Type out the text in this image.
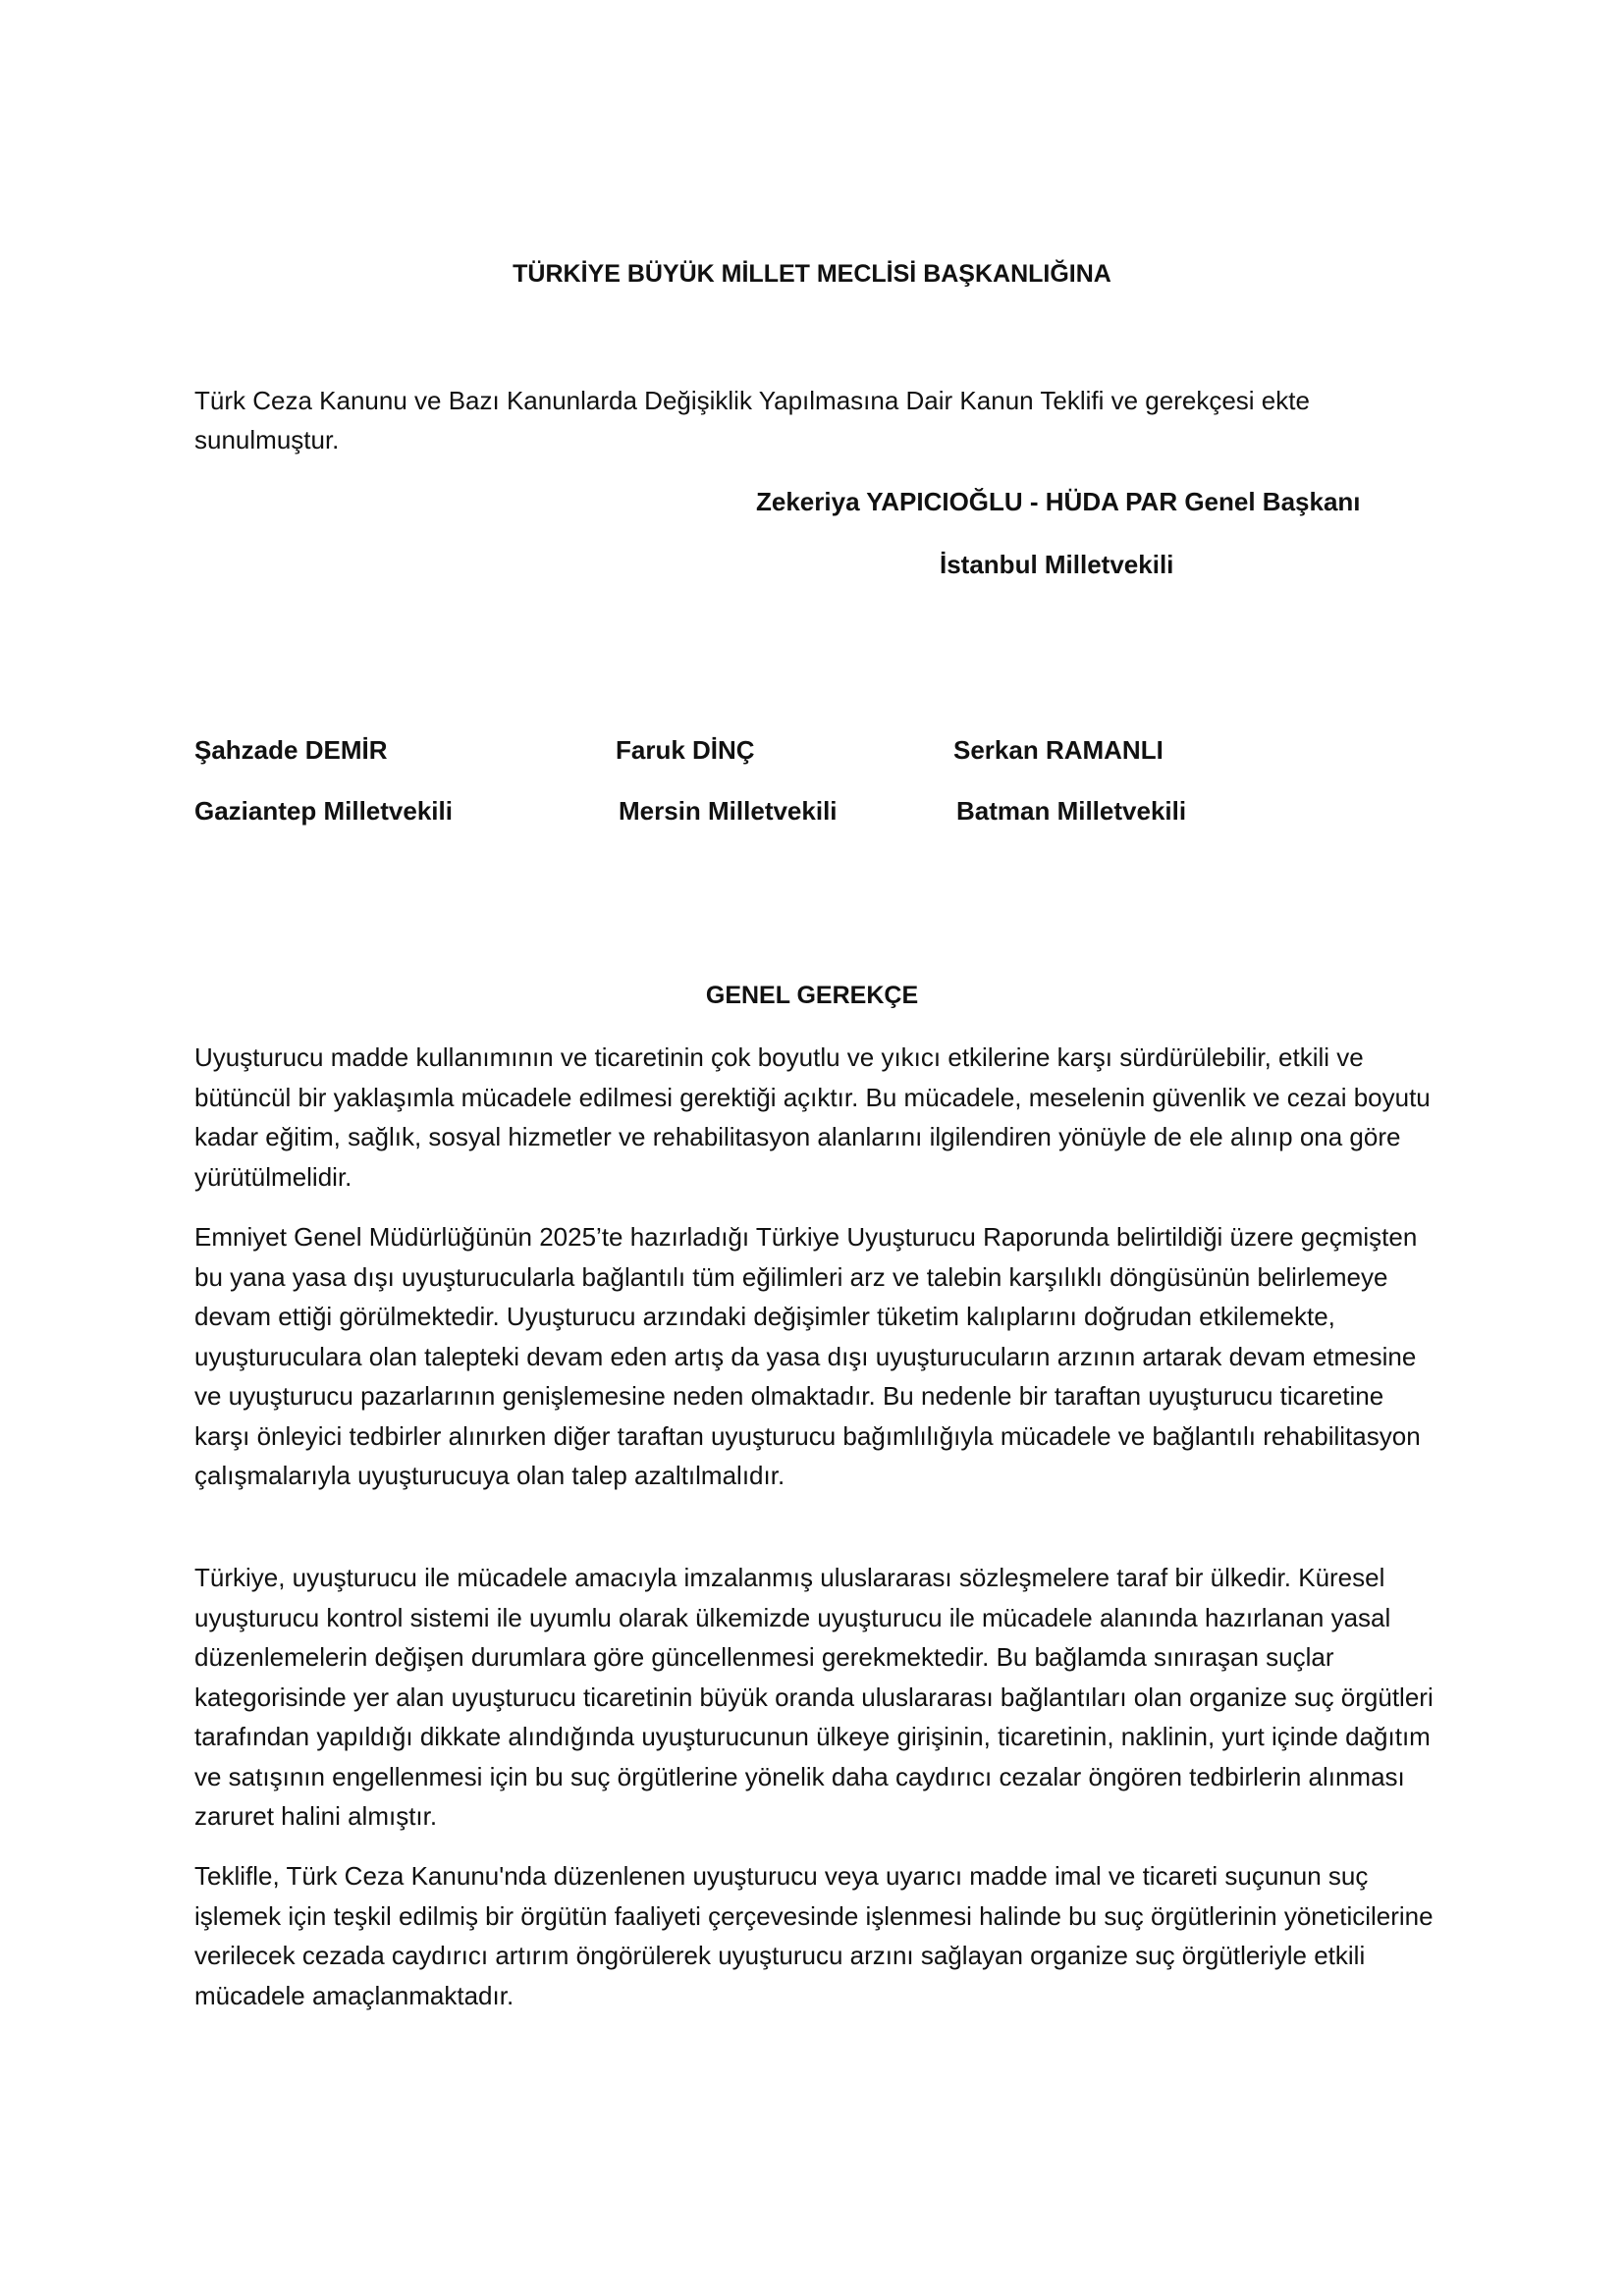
TÜRKİYE BÜYÜK MİLLET MECLİSİ BAŞKANLIĞINA

Türk Ceza Kanunu ve Bazı Kanunlarda Değişiklik Yapılmasına Dair Kanun Teklifi ve gerekçesi ekte sunulmuştur.

Zekeriya YAPICIOĞLU - HÜDA PAR Genel Başkanı

İstanbul Milletvekili

Şahzade DEMİR

Gaziantep Milletvekili

Faruk DİNÇ

Mersin Milletvekili

Serkan RAMANLI

Batman Milletvekili

GENEL GEREKÇE

Uyuşturucu madde kullanımının ve ticaretinin çok boyutlu ve yıkıcı etkilerine karşı sürdürülebilir, etkili ve bütüncül bir yaklaşımla mücadele edilmesi gerektiği açıktır. Bu mücadele, meselenin güvenlik ve cezai boyutu kadar eğitim, sağlık, sosyal hizmetler ve rehabilitasyon alanlarını ilgilendiren yönüyle de ele alınıp ona göre yürütülmelidir.

Emniyet Genel Müdürlüğünün 2025’te hazırladığı Türkiye Uyuşturucu Raporunda belirtildiği üzere geçmişten bu yana yasa dışı uyuşturucularla bağlantılı tüm eğilimleri arz ve talebin karşılıklı döngüsünün belirlemeye devam ettiği görülmektedir. Uyuşturucu arzındaki değişimler tüketim kalıplarını doğrudan etkilemekte, uyuşturuculara olan talepteki devam eden artış da yasa dışı uyuşturucuların arzının artarak devam etmesine ve uyuşturucu pazarlarının genişlemesine neden olmaktadır. Bu nedenle bir taraftan uyuşturucu ticaretine karşı önleyici tedbirler alınırken diğer taraftan uyuşturucu bağımlılığıyla mücadele ve bağlantılı rehabilitasyon çalışmalarıyla uyuşturucuya olan talep azaltılmalıdır.

Türkiye, uyuşturucu ile mücadele amacıyla imzalanmış uluslararası sözleşmelere taraf bir ülkedir. Küresel uyuşturucu kontrol sistemi ile uyumlu olarak ülkemizde uyuşturucu ile mücadele alanında hazırlanan yasal düzenlemelerin değişen durumlara göre güncellenmesi gerekmektedir. Bu bağlamda sınıraşan suçlar kategorisinde yer alan uyuşturucu ticaretinin büyük oranda uluslararası bağlantıları olan organize suç örgütleri tarafından yapıldığı dikkate alındığında uyuşturucunun ülkeye girişinin, ticaretinin, naklinin, yurt içinde dağıtım ve satışının engellenmesi için bu suç örgütlerine yönelik daha caydırıcı cezalar öngören tedbirlerin alınması zaruret halini almıştır.

Teklifle, Türk Ceza Kanunu'nda düzenlenen uyuşturucu veya uyarıcı madde imal ve ticareti suçunun suç işlemek için teşkil edilmiş bir örgütün faaliyeti çerçevesinde işlenmesi halinde bu suç örgütlerinin yöneticilerine verilecek cezada caydırıcı artırım öngörülerek uyuşturucu arzını sağlayan organize suç örgütleriyle etkili mücadele amaçlanmaktadır.
